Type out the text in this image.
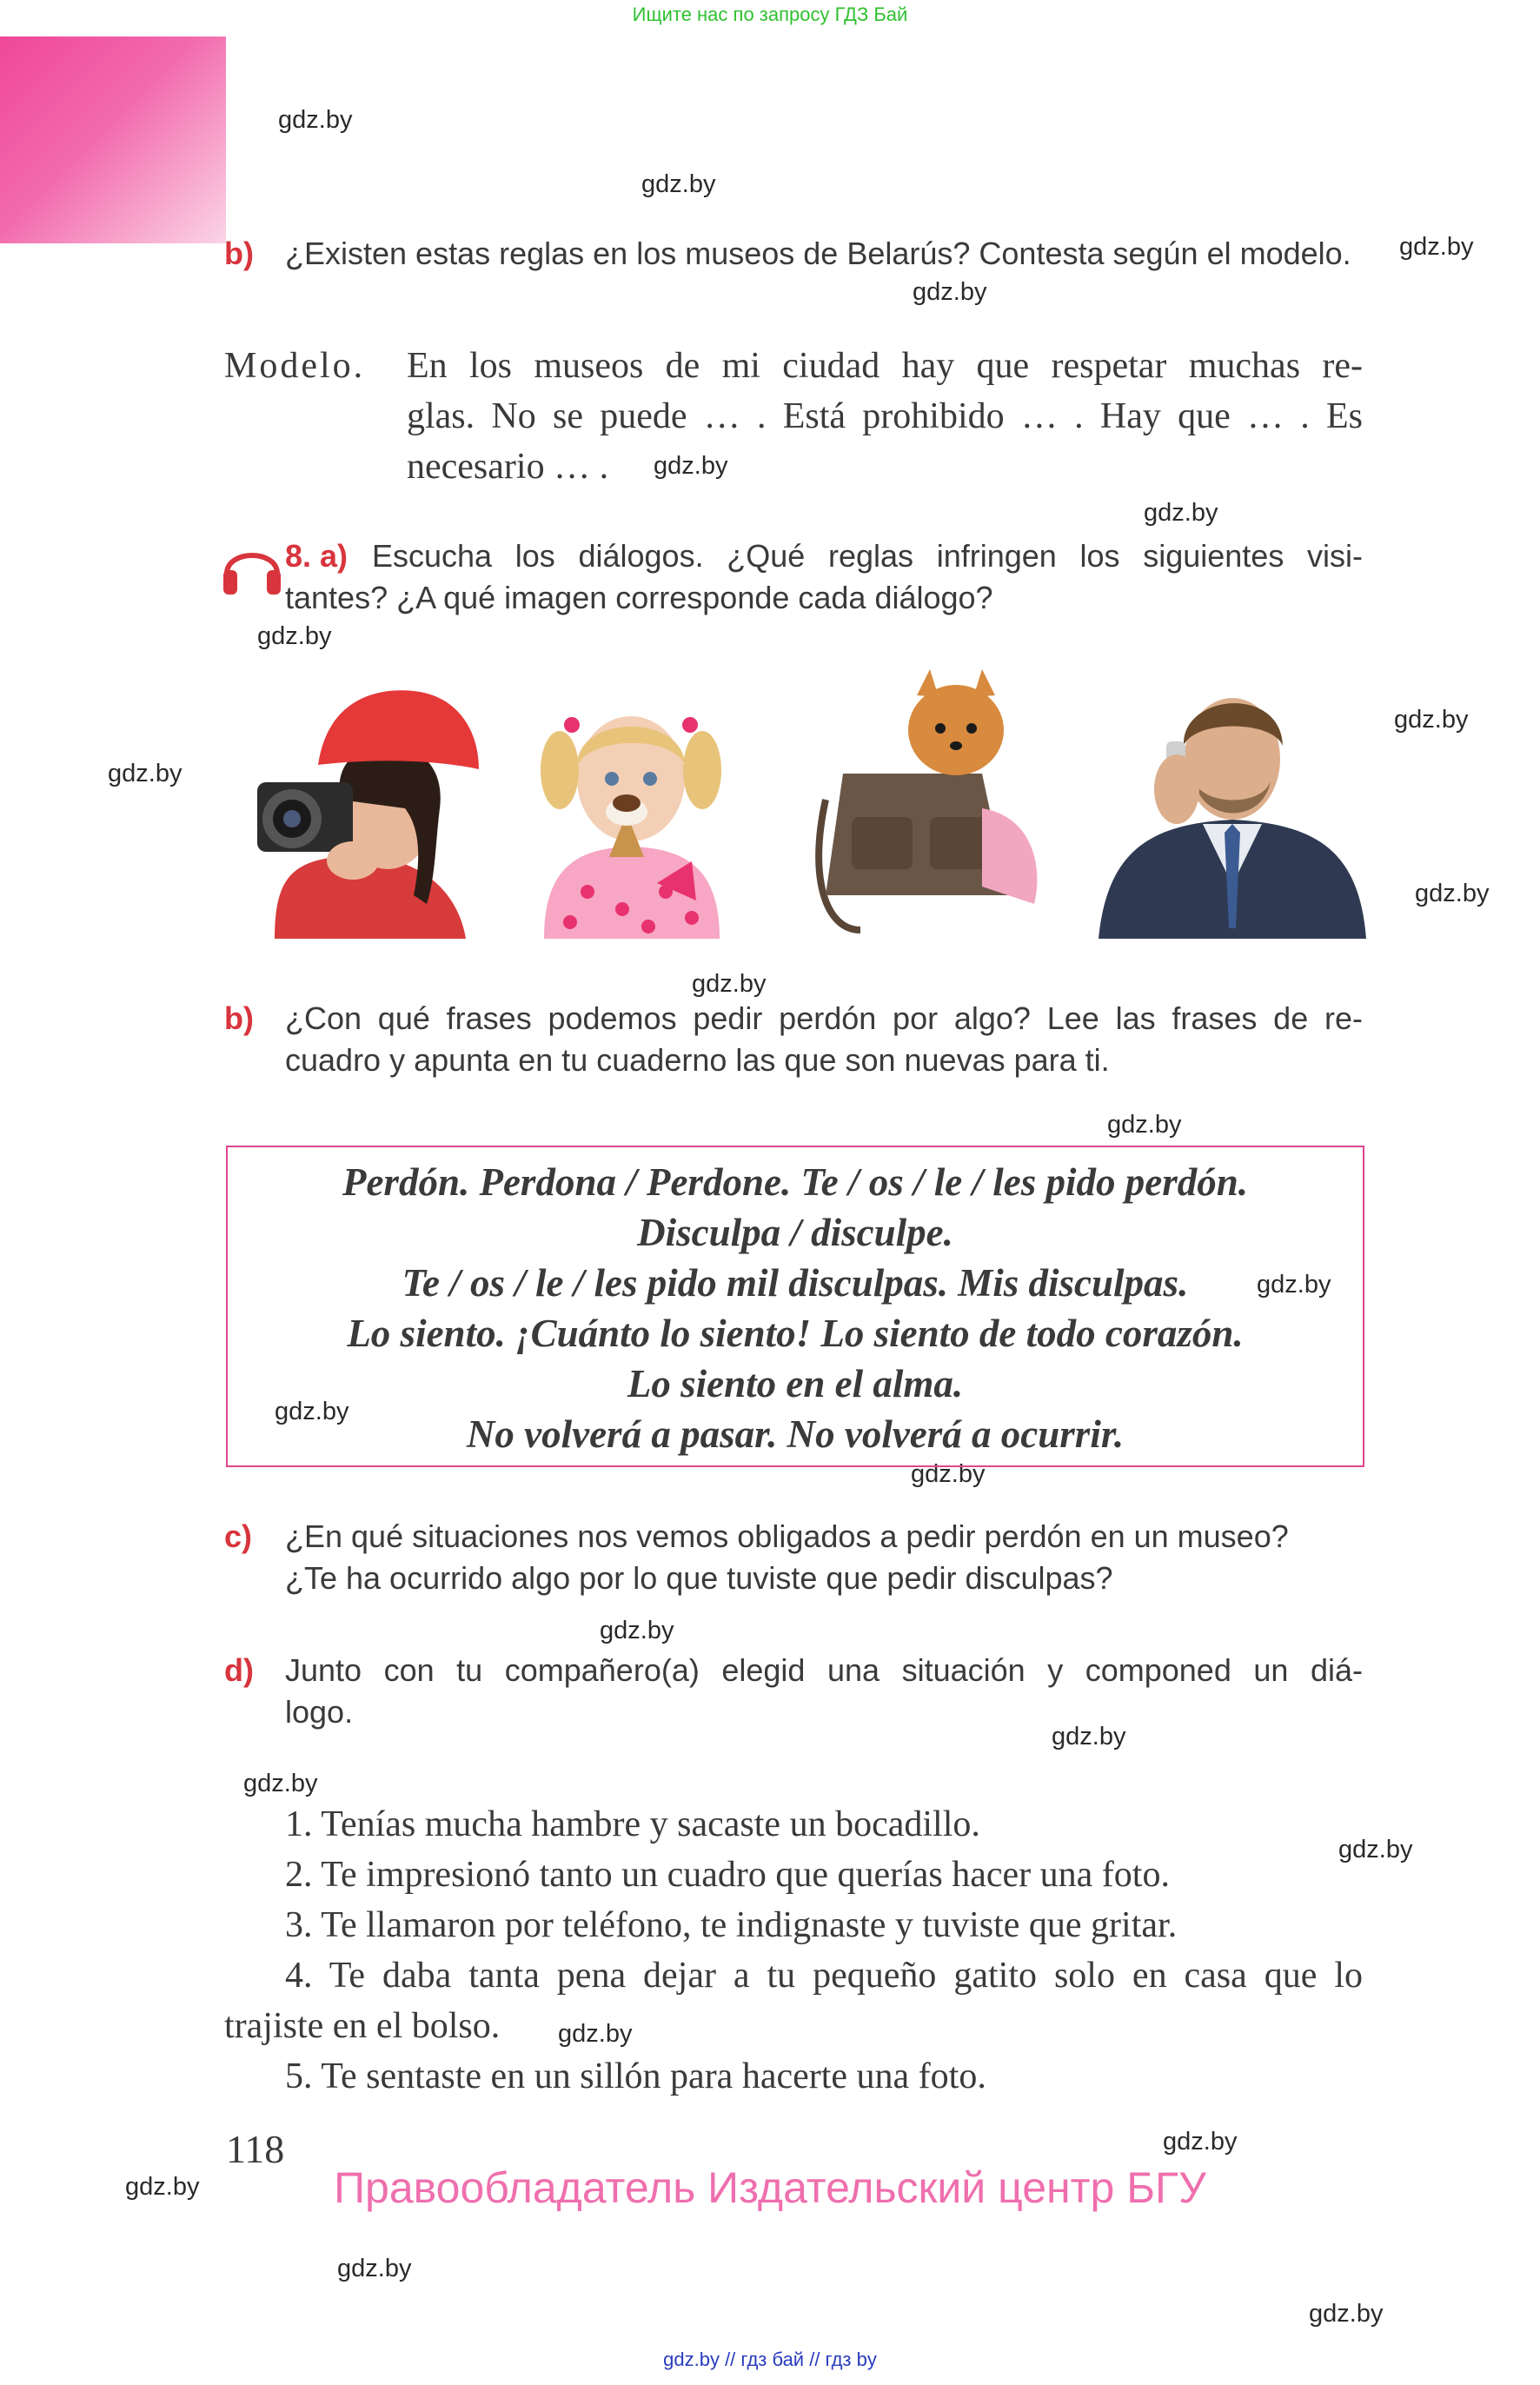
Ищите нас по запросу ГДЗ Бай
gdz.by
gdz.by
gdz.by
gdz.by
gdz.by
gdz.by
gdz.by
gdz.by
gdz.by
gdz.by
gdz.by
gdz.by
gdz.by
gdz.by
gdz.by
gdz.by
gdz.by
gdz.by
gdz.by
gdz.by
gdz.by
gdz.by
gdz.by
gdz.by
b) ¿Existen estas reglas en los museos de Belarús? Contesta según el modelo.
Modelo. En los museos de mi ciudad hay que respetar muchas re-
glas. No se puede … . Está prohibido … . Hay que … . Es
necesario … .
8. a) Escucha los diálogos. ¿Qué reglas infringen los siguientes visi-
tantes? ¿A qué imagen corresponde cada diálogo?
b) ¿Con qué frases podemos pedir perdón por algo? Lee las frases de re-
cuadro y apunta en tu cuaderno las que son nuevas para ti.
Perdón. Perdona / Perdone. Te / os / le / les pido perdón.
Disculpa / disculpe.
Te / os / le / les pido mil disculpas. Mis disculpas.
Lo siento. ¡Cuánto lo siento! Lo siento de todo corazón.
Lo siento en el alma.
No volverá a pasar. No volverá a ocurrir.
c) ¿En qué situaciones nos vemos obligados a pedir perdón en un museo?
¿Te ha ocurrido algo por lo que tuviste que pedir disculpas?
d) Junto con tu compañero(a) elegid una situación y componed un diá-
logo.
1. Tenías mucha hambre y sacaste un bocadillo.
2. Te impresionó tanto un cuadro que querías hacer una foto.
3. Te llamaron por teléfono, te indignaste y tuviste que gritar.
4. Te daba tanta pena dejar a tu pequeño gatito solo en casa que lo
trajiste en el bolso.
5. Te sentaste en un sillón para hacerte una foto.
118
Правообладатель Издательский центр БГУ
gdz.by // гдз бай // гдз by
